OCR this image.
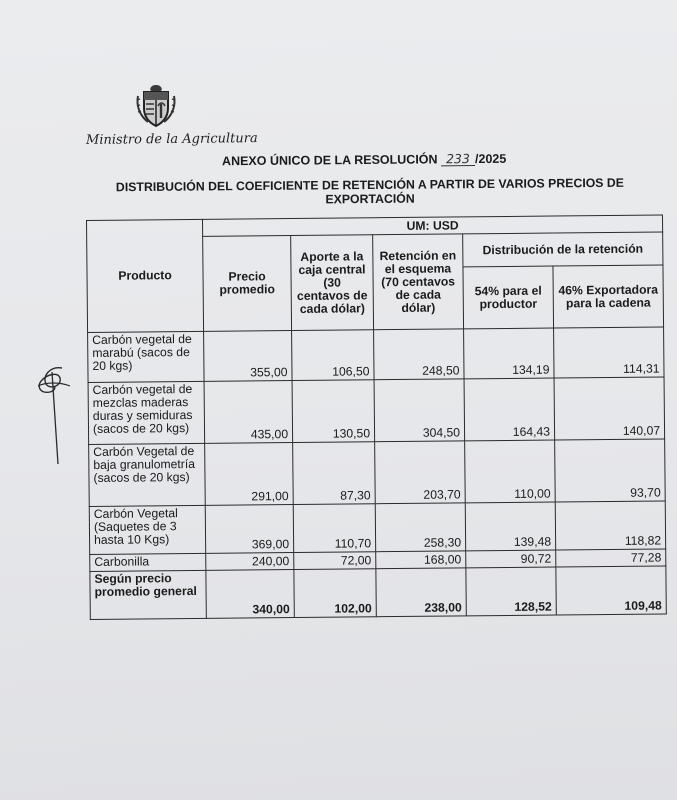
Ministro de la Agricultura
ANEXO ÚNICO DE LA RESOLUCIÓN 233 /2025
DISTRIBUCIÓN DEL COEFICIENTE DE RETENCIÓN A PARTIR DE VARIOS PRECIOS DE EXPORTACIÓN
Producto	UM: USD				
	Precio promedio	Aporte a la caja central (30 centavos de cada dólar)	Retención en el esquema (70 centavos de cada dólar)	Distribución de la retención	
				54% para el productor	46% Exportadora para la cadena
Carbón vegetal de marabú (sacos de 20 kgs)	355,00	106,50	248,50	134,19	114,31
Carbón vegetal de mezclas maderas duras y semiduras (sacos de 20 kgs)	435,00	130,50	304,50	164,43	140,07
Carbón Vegetal de baja granulometría (sacos de 20 kgs)	291,00	87,30	203,70	110,00	93,70
Carbón Vegetal (Saquetes de 3 hasta 10 Kgs)	369,00	110,70	258,30	139,48	118,82
Carbonilla	240,00	72,00	168,00	90,72	77,28
Según precio promedio general	340,00	102,00	238,00	128,52	109,48
